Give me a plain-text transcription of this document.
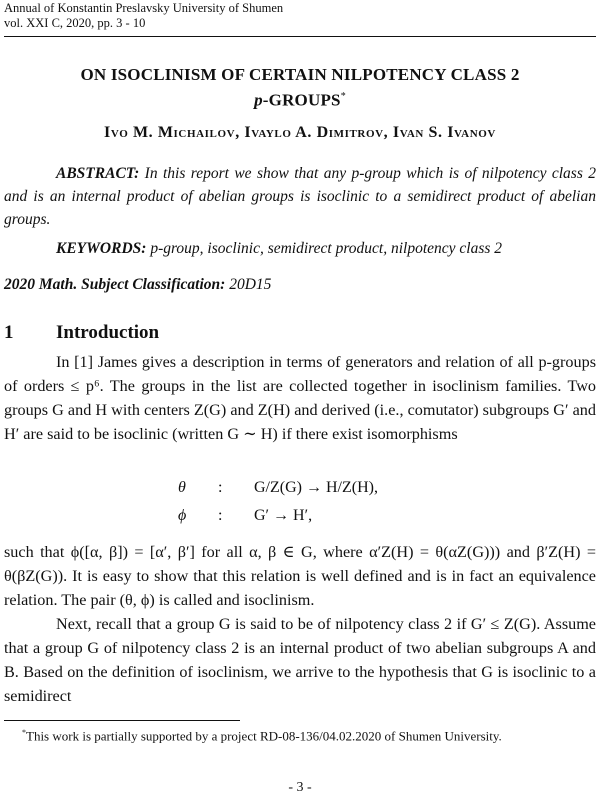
Annual of Konstantin Preslavsky University of Shumen
vol. XXI C, 2020, pp. 3 - 10
ON ISOCLINISM OF CERTAIN NILPOTENCY CLASS 2
p-GROUPS*
Ivo M. Michailov, Ivaylo A. Dimitrov, Ivan S. Ivanov
ABSTRACT: In this report we show that any p-group which is of nilpotency class 2 and is an internal product of abelian groups is isoclinic to a semidirect product of abelian groups.
KEYWORDS: p-group, isoclinic, semidirect product, nilpotency class 2
2020 Math. Subject Classification: 20D15
1 Introduction

In [1] James gives a description in terms of generators and relation of all p-groups of orders ≤ p⁶. The groups in the list are collected together in isoclinism families. Two groups G and H with centers Z(G) and Z(H) and derived (i.e., comutator) subgroups G′ and H′ are said to be isoclinic (written G ∼ H) if there exist isomorphisms

θ : G/Z(G) → H/Z(H),
ϕ : G′ → H′,

such that ϕ([α, β]) = [α′, β′] for all α, β ∈ G, where α′Z(H) = θ(αZ(G))) and β′Z(H) = θ(βZ(G)). It is easy to show that this relation is well defined and is in fact an equivalence relation. The pair (θ, ϕ) is called and isoclinism.

Next, recall that a group G is said to be of nilpotency class 2 if G′ ≤ Z(G). Assume that a group G of nilpotency class 2 is an internal product of two abelian subgroups A and B. Based on the definition of isoclinism, we arrive to the hypothesis that G is isoclinic to a semidirect

*This work is partially supported by a project RD-08-136/04.02.2020 of Shumen University.
- 3 -
